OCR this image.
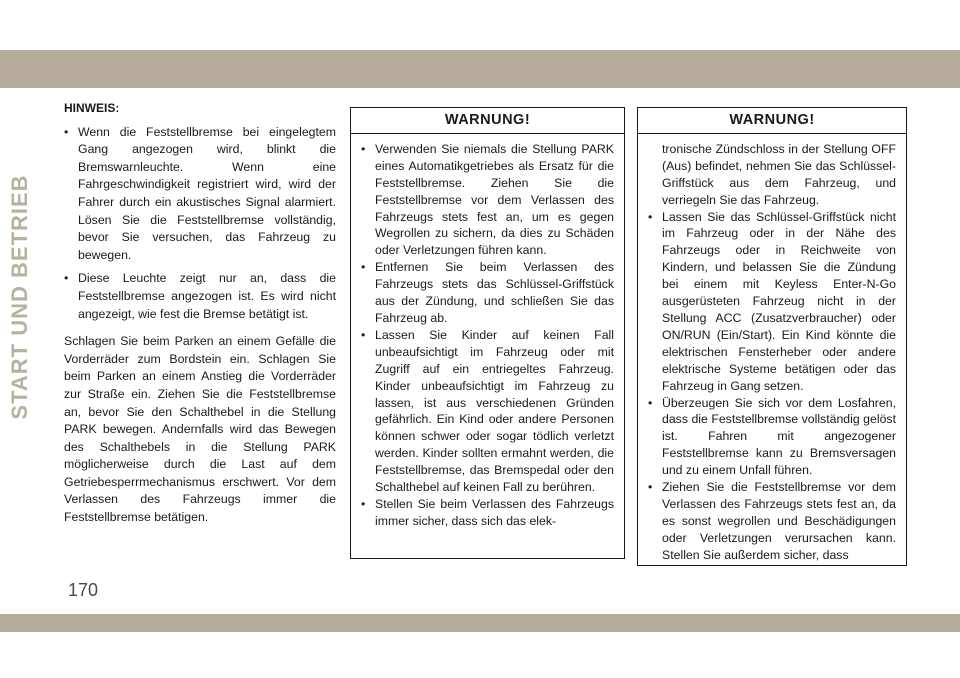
START UND BETRIEB
HINWEIS:
• Wenn die Feststellbremse bei eingelegtem Gang angezogen wird, blinkt die Bremswarnleuchte. Wenn eine Fahrgeschwindigkeit registriert wird, wird der Fahrer durch ein akustisches Signal alarmiert. Lösen Sie die Feststellbremse vollständig, bevor Sie versuchen, das Fahrzeug zu bewegen.
• Diese Leuchte zeigt nur an, dass die Feststellbremse angezogen ist. Es wird nicht angezeigt, wie fest die Bremse betätigt ist.

Schlagen Sie beim Parken an einem Gefälle die Vorderräder zum Bordstein ein. Schlagen Sie beim Parken an einem Anstieg die Vorderräder zur Straße ein. Ziehen Sie die Feststellbremse an, bevor Sie den Schalthebel in die Stellung PARK bewegen. Andernfalls wird das Bewegen des Schalthebels in die Stellung PARK möglicherweise durch die Last auf dem Getriebesperrmechanismus erschwert. Vor dem Verlassen des Fahrzeugs immer die Feststellbremse betätigen.

WARNUNG!
• Verwenden Sie niemals die Stellung PARK eines Automatikgetriebes als Ersatz für die Feststellbremse. Ziehen Sie die Feststellbremse vor dem Verlassen des Fahrzeugs stets fest an, um es gegen Wegrollen zu sichern, da dies zu Schäden oder Verletzungen führen kann.
• Entfernen Sie beim Verlassen des Fahrzeugs stets das Schlüssel-Griffstück aus der Zündung, und schließen Sie das Fahrzeug ab.
• Lassen Sie Kinder auf keinen Fall unbeaufsichtigt im Fahrzeug oder mit Zugriff auf ein entriegeltes Fahrzeug. Kinder unbeaufsichtigt im Fahrzeug zu lassen, ist aus verschiedenen Gründen gefährlich. Ein Kind oder andere Personen können schwer oder sogar tödlich verletzt werden. Kinder sollten ermahnt werden, die Feststellbremse, das Bremspedal oder den Schalthebel auf keinen Fall zu berühren.
• Stellen Sie beim Verlassen des Fahrzeugs immer sicher, dass sich das elek-
WARNUNG!
tronische Zündschloss in der Stellung OFF (Aus) befindet, nehmen Sie das Schlüssel-Griffstück aus dem Fahrzeug, und verriegeln Sie das Fahrzeug.
• Lassen Sie das Schlüssel-Griffstück nicht im Fahrzeug oder in der Nähe des Fahrzeugs oder in Reichweite von Kindern, und belassen Sie die Zündung bei einem mit Keyless Enter-N-Go ausgerüsteten Fahrzeug nicht in der Stellung ACC (Zusatzverbraucher) oder ON/RUN (Ein/Start). Ein Kind könnte die elektrischen Fensterheber oder andere elektrische Systeme betätigen oder das Fahrzeug in Gang setzen.
• Überzeugen Sie sich vor dem Losfahren, dass die Feststellbremse vollständig gelöst ist. Fahren mit angezogener Feststellbremse kann zu Bremsversagen und zu einem Unfall führen.
• Ziehen Sie die Feststellbremse vor dem Verlassen des Fahrzeugs stets fest an, da es sonst wegrollen und Beschädigungen oder Verletzungen verursachen kann. Stellen Sie außerdem sicher, dass
170
